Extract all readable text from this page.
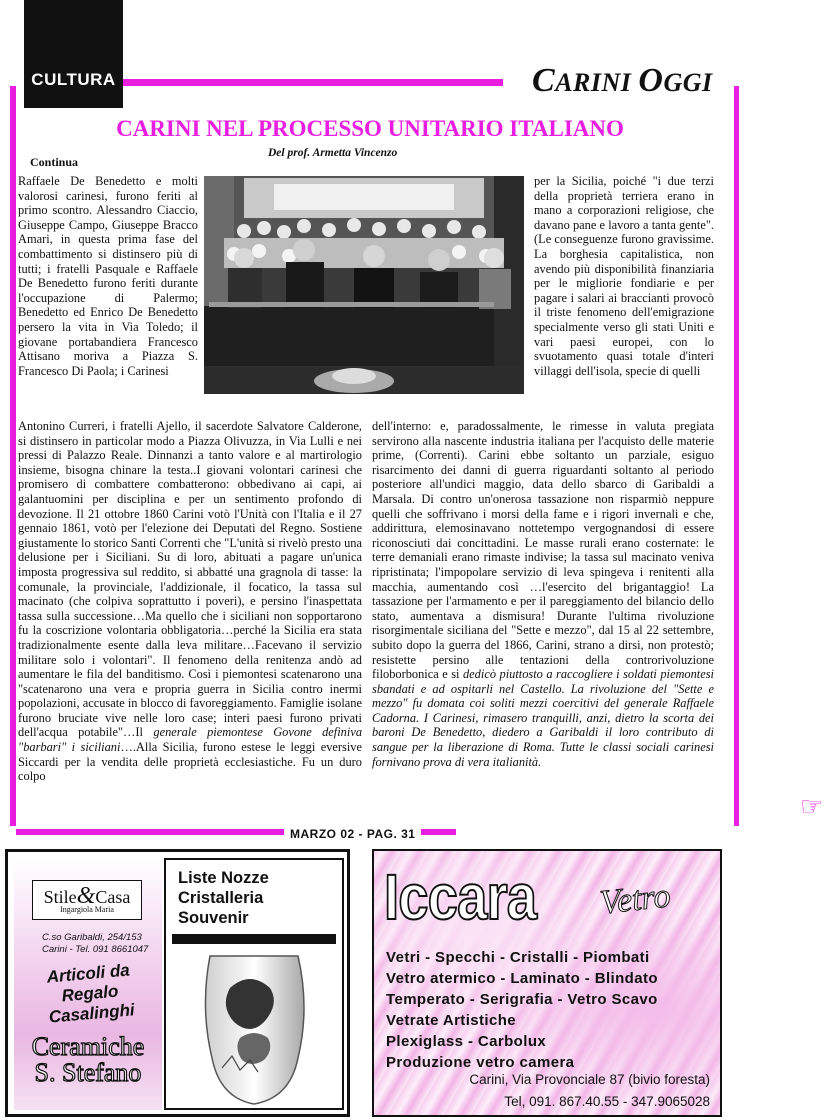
CULTURA	CARINI OGGI
CARINI NEL PROCESSO UNITARIO ITALIANO
Del prof. Armetta Vincenzo
Continua

Raffaele De Benedetto e molti valorosi carinesi, furono feriti al primo scontro. Alessandro Ciaccio, Giuseppe Campo, Giuseppe Bracco Amari, in questa prima fase del combattimento si distinsero più di tutti; i fratelli Pasquale e Raffaele De Benedetto furono feriti durante l'occupazione di Palermo; Benedetto ed Enrico De Benedetto persero la vita in Via Toledo; il giovane portabandiera Francesco Attisano moriva a Piazza S. Francesco Di Paola; i Carinesi

per la Sicilia, poiché "i due terzi della proprietà terriera erano in mano a corporazioni religiose, che davano pane e lavoro a tanta gente". (Le conseguenze furono gravissime. La borghesia capitalistica, non avendo più disponibilità finanziaria per le migliorie fondiarie e per pagare i salari ai braccianti provocò il triste fenomeno dell'emigrazione specialmente verso gli stati Uniti e vari paesi europei, con lo svuotamento quasi totale d'interi villaggi dell'isola, specie di quelli

Antonino Curreri, i fratelli Ajello, il sacerdote Salvatore Calderone, si distinsero in particolar modo a Piazza Olivuzza, in Via Lulli e nei pressi di Palazzo Reale. Dinnanzi a tanto valore e al martirologio insieme, bisogna chinare la testa..I giovani volontari carinesi che promisero di combattere combatterono: obbedivano ai capi, ai galantuomini per disciplina e per un sentimento profondo di devozione. Il 21 ottobre 1860 Carini votò l'Unità con l'Italia e il 27 gennaio 1861, votò per l'elezione dei Deputati del Regno. Sostiene giustamente lo storico Santi Correnti che "L'unità si rivelò presto una delusione per i Siciliani. Su di loro, abituati a pagare un'unica imposta progressiva sul reddito, si abbatté una gragnola di tasse: la comunale, la provinciale, l'addizionale, il focatico, la tassa sul macinato (che colpiva soprattutto i poveri), e persino l'inaspettata tassa sulla successione…Ma quello che i siciliani non sopportarono fu la coscrizione volontaria obbligatoria…perché la Sicilia era stata tradizionalmente esente dalla leva militare…Facevano il servizio militare solo i volontari". Il fenomeno della renitenza andò ad aumentare le fila del banditismo. Così i piemontesi scatenarono una "scatenarono una vera e propria guerra in Sicilia contro inermi popolazioni, accusate in blocco di favoreggiamento. Famiglie isolane furono bruciate vive nelle loro case; interi paesi furono privati dell'acqua potabile"…Il generale piemontese Govone definiva "barbari" i siciliani….Alla Sicilia, furono estese le leggi eversive Siccardi per la vendita delle proprietà ecclesiastiche. Fu un duro colpo

dell'interno: e, paradossalmente, le rimesse in valuta pregiata servirono alla nascente industria italiana per l'acquisto delle materie prime, (Correnti). Carini ebbe soltanto un parziale, esiguo risarcimento dei danni di guerra riguardanti soltanto al periodo posteriore all'undici maggio, data dello sbarco di Garibaldi a Marsala. Di contro un'onerosa tassazione non risparmiò neppure quelli che soffrivano i morsi della fame e i rigori invernali e che, addirittura, elemosinavano nottetempo vergognandosi di essere riconosciuti dai concittadini. Le masse rurali erano costernate: le terre demaniali erano rimaste indivise; la tassa sul macinato veniva ripristinata; l'impopolare servizio di leva spingeva i renitenti alla macchia, aumentando così …l'esercito del brigantaggio! La tassazione per l'armamento e per il pareggiamento del bilancio dello stato, aumentava a dismisura! Durante l'ultima rivoluzione risorgimentale siciliana del "Sette e mezzo", dal 15 al 22 settembre, subito dopo la guerra del 1866, Carini, strano a dirsi, non protestò; resistette persino alle tentazioni della controrivoluzione filoborbonica e si dedicò piuttosto a raccogliere i soldati piemontesi sbandati e ad ospitarli nel Castello. La rivoluzione del "Sette e mezzo" fu domata coi soliti mezzi coercitivi del generale Raffaele Cadorna. I Carinesi, rimasero tranquilli, anzi, dietro la scorta dei baroni De Benedetto, diedero a Garibaldi il loro contributo di sangue per la liberazione di Roma. Tutte le classi sociali carinesi fornivano prova di vera italianità.

☞
MARZO 02 - PAG. 31
Stile&Casa
Ingargiola Maria
C.so Garibaldi, 254/153
Carini - Tel. 091 8661047
Articoli da Regalo
Casalinghi
Ceramiche
S. Stefano
Liste Nozze
Cristalleria
Souvenir	Iccara Vetro
Vetri - Specchi - Cristalli - Piombati
Vetro atermico - Laminato - Blindato
Temperato - Serigrafia - Vetro Scavo
Vetrate Artistiche
Plexiglass - Carbolux
Produzione vetro camera
Carini, Via Provonciale 87 (bivio foresta)
Tel, 091. 867.40.55 - 347.9065028
